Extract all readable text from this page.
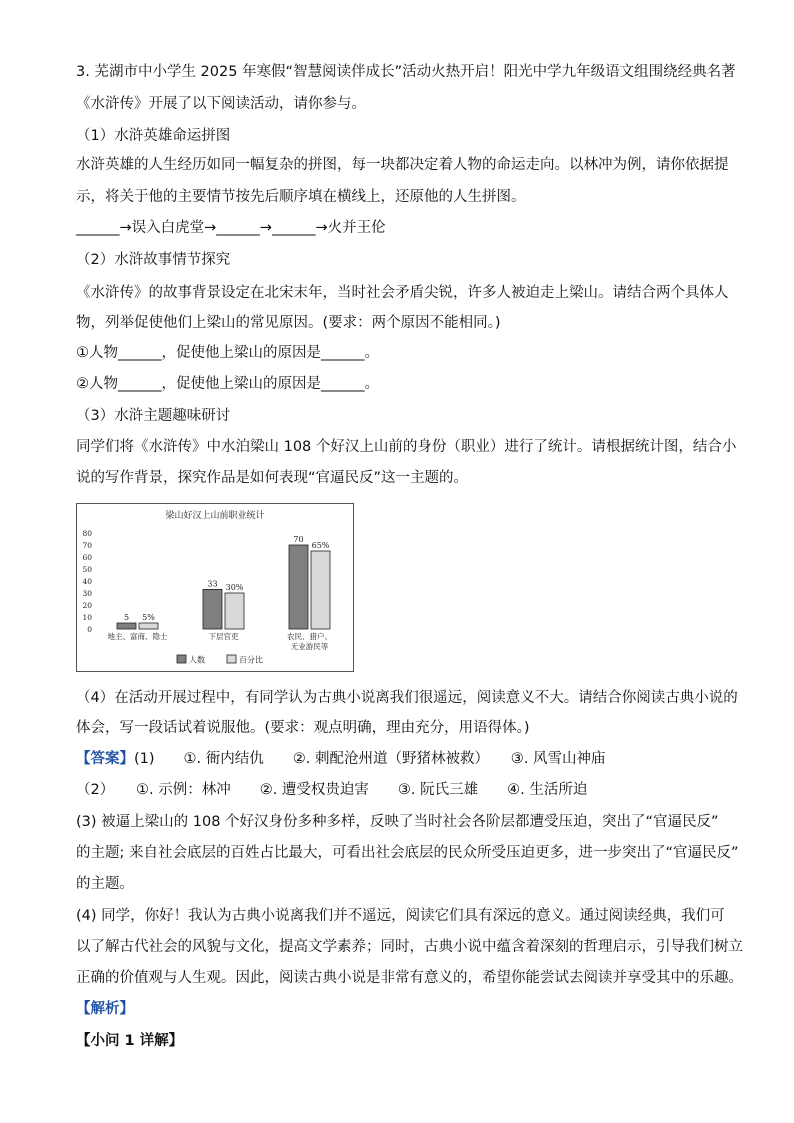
3. 芜湖市中小学生 2025 年寒假“智慧阅读伴成长”活动火热开启！阳光中学九年级语文组围绕经典名著
《水浒传》开展了以下阅读活动，请你参与。
（1）水浒英雄命运拼图
水浒英雄的人生经历如同一幅复杂的拼图，每一块都决定着人物的命运走向。以林冲为例，请你依据提
示，将关于他的主要情节按先后顺序填在横线上，还原他的人生拼图。
______→误入白虎堂→______→______→火并王伦
（2）水浒故事情节探究
《水浒传》的故事背景设定在北宋末年，当时社会矛盾尖锐，许多人被迫走上梁山。请结合两个具体人
物，列举促使他们上梁山的常见原因。(要求：两个原因不能相同。)
①人物______，促使他上梁山的原因是______。
②人物______，促使他上梁山的原因是______。
（3）水浒主题趣味研讨
同学们将《水浒传》中水泊梁山 108 个好汉上山前的身份（职业）进行了统计。请根据统计图，结合小
说的写作背景，探究作品是如何表现“官逼民反”这一主题的。
梁山好汉上山前职业统计
0
10
20
30
40
50
60
70
80
5 5%
33 30%
70
65%
地主、富商、隐士	下层官吏	农民、猎户、
无业游民等
人数	百分比
（4）在活动开展过程中，有同学认为古典小说离我们很遥远，阅读意义不大。请结合你阅读古典小说的
体会，写一段话试着说服他。(要求：观点明确，理由充分，用语得体。)
【答案】(1)　　①. 衙内结仇　　②. 刺配沧州道（野猪林被救）　　③. 风雪山神庙
（2）　　①. 示例：林冲　　②. 遭受权贵迫害　　③. 阮氏三雄　　④. 生活所迫
(3) 被逼上梁山的 108 个好汉身份多种多样，反映了当时社会各阶层都遭受压迫，突出了“官逼民反”
的主题; 来自社会底层的百姓占比最大，可看出社会底层的民众所受压迫更多，进一步突出了“官逼民反”
的主题。
(4) 同学，你好！我认为古典小说离我们并不遥远，阅读它们具有深远的意义。通过阅读经典，我们可
以了解古代社会的风貌与文化，提高文学素养；同时，古典小说中蕴含着深刻的哲理启示，引导我们树立
正确的价值观与人生观。因此，阅读古典小说是非常有意义的，希望你能尝试去阅读并享受其中的乐趣。
【解析】
【小问 1 详解】
